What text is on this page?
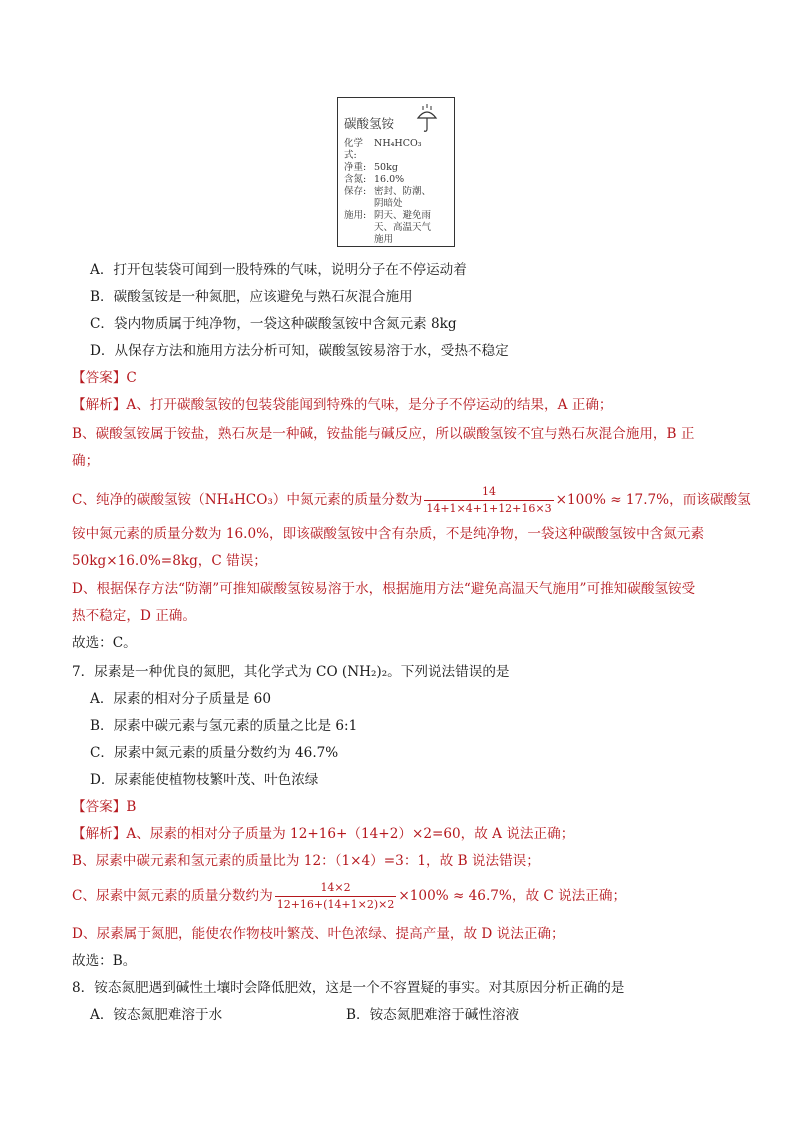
碳酸氢铵
化学式:
NH₄HCO₃
净重: 50kg
含氮: 16.0%
保存: 密封、防潮、
阴暗处
施用: 阴天、避免雨
天、高温天气
施用
A．打开包装袋可闻到一股特殊的气味，说明分子在不停运动着
B．碳酸氢铵是一种氮肥，应该避免与熟石灰混合施用
C．袋内物质属于纯净物，一袋这种碳酸氢铵中含氮元素 8kg
D．从保存方法和施用方法分析可知，碳酸氢铵易溶于水，受热不稳定
【答案】C
【解析】A、打开碳酸氢铵的包装袋能闻到特殊的气味，是分子不停运动的结果，A 正确；
B、碳酸氢铵属于铵盐，熟石灰是一种碱，铵盐能与碱反应，所以碳酸氢铵不宜与熟石灰混合施用，B 正
确；
C、纯净的碳酸氢铵（NH₄HCO₃）中氮元素的质量分数为 $\frac{14}{14+1\times 4+1+12+16\times 3} \times 100\% \approx 17.7\%$，而该碳酸氢
铵中氮元素的质量分数为 16.0%，即该碳酸氢铵中含有杂质，不是纯净物，一袋这种碳酸氢铵中含氮元素
50kg×16.0%=8kg，C 错误；
D、根据保存方法“防潮”可推知碳酸氢铵易溶于水，根据施用方法“避免高温天气施用”可推知碳酸氢铵受
热不稳定，D 正确。
故选：C。
7．尿素是一种优良的氮肥，其化学式为 CO (NH₂)₂。下列说法错误的是
A．尿素的相对分子质量是 60
B．尿素中碳元素与氢元素的质量之比是 6:1
C．尿素中氮元素的质量分数约为 46.7%
D．尿素能使植物枝繁叶茂、叶色浓绿
【答案】B
【解析】A、尿素的相对分子质量为 12+16+（14+2）×2=60，故 A 说法正确；
B、尿素中碳元素和氢元素的质量比为 12：（1×4）=3：1，故 B 说法错误；
C、尿素中氮元素的质量分数约为 $\frac{14\times 2}{12+16+(14+1\times 2)\times 2} \times 100\% \approx 46.7\%$，故 C 说法正确；
D、尿素属于氮肥，能使农作物枝叶繁茂、叶色浓绿、提高产量，故 D 说法正确；
故选：B。
8．铵态氮肥遇到碱性土壤时会降低肥效，这是一个不容置疑的事实。对其原因分析正确的是
A．铵态氮肥难溶于水	B．铵态氮肥难溶于碱性溶液
